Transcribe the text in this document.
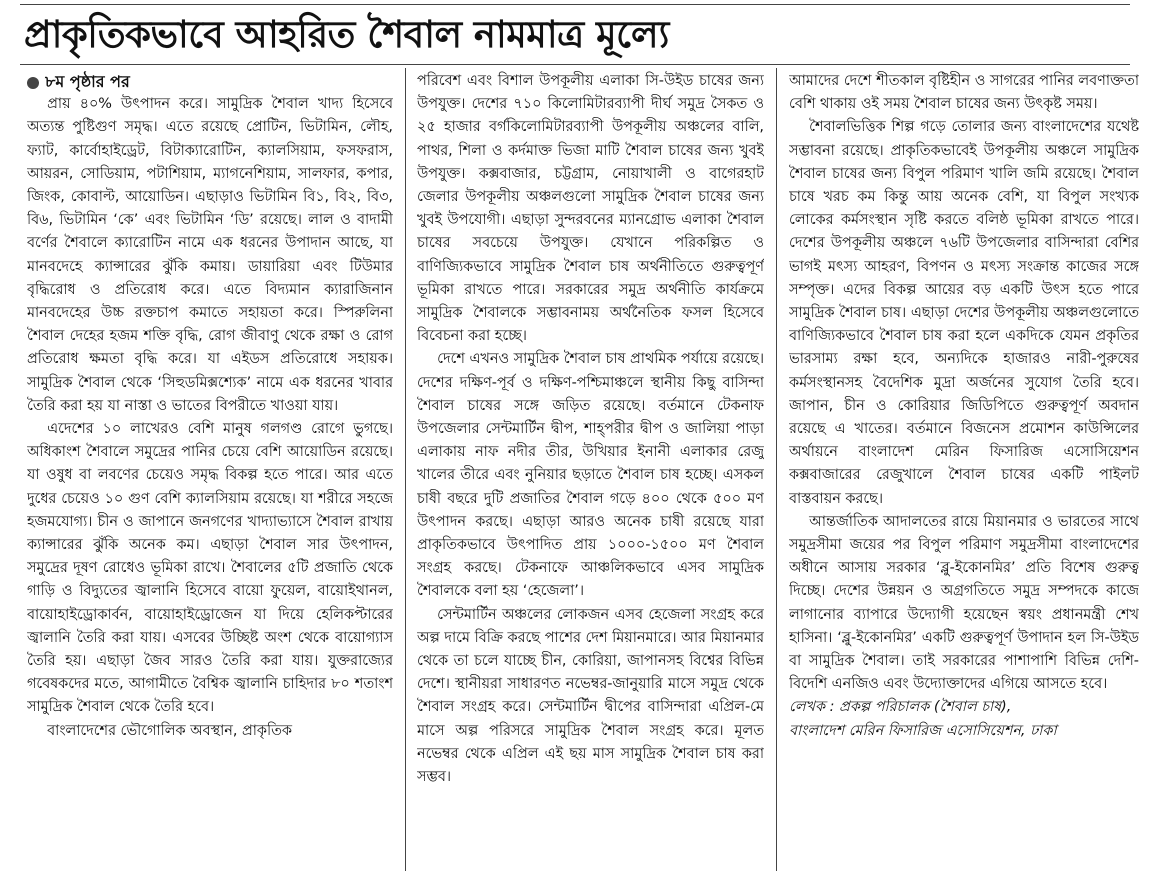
প্রাকৃতিকভাবে আহরিত শৈবাল নামমাত্র মূল্যে
৮ম পৃষ্ঠার পর

প্রায় ৪০% উৎপাদন করে। সামুদ্রিক শৈবাল খাদ্য হিসেবে অত্যন্ত পুষ্টিগুণ সমৃদ্ধ। এতে রয়েছে প্রোটিন, ভিটামিন, লৌহ, ফ্যাট, কার্বোহাইড্রেট, বিটাক্যারোটিন, ক্যালসিয়াম, ফসফরাস, আয়রন, সোডিয়াম, পটাশিয়াম, ম্যাগনেশিয়াম, সালফার, কপার, জিংক, কোবাল্ট, আয়োডিন। এছাড়াও ভিটামিন বি১, বি২, বি৩, বি৬, ভিটামিন ‘কে’ এবং ভিটামিন ‘ডি’ রয়েছে। লাল ও বাদামী বর্ণের শৈবালে ক্যারোটিন নামে এক ধরনের উপাদান আছে, যা মানবদেহে ক্যান্সারের ঝুঁকি কমায়। ডায়ারিয়া এবং টিউমার বৃদ্ধিরোধ ও প্রতিরোধ করে। এতে বিদ্যমান ক্যারাজিনান মানবদেহের উচ্চ রক্তচাপ কমাতে সহায়তা করে। স্পিরুলিনা শৈবাল দেহের হজম শক্তি বৃদ্ধি, রোগ জীবাণু থেকে রক্ষা ও রোগ প্রতিরোধ ক্ষমতা বৃদ্ধি করে। যা এইডস প্রতিরোধে সহায়ক। সামুদ্রিক শৈবাল থেকে ‘সিহুডমিক্সশ্যেক’ নামে এক ধরনের খাবার তৈরি করা হয় যা নাস্তা ও ভাতের বিপরীতে খাওয়া যায়।

এদেশের ১০ লাখেরও বেশি মানুষ গলগণ্ড রোগে ভুগছে। অধিকাংশ শৈবালে সমুদ্রের পানির চেয়ে বেশি আয়োডিন রয়েছে। যা ওষুধ বা লবণের চেয়েও সমৃদ্ধ বিকল্প হতে পারে। আর এতে দুধের চেয়েও ১০ গুণ বেশি ক্যালসিয়াম রয়েছে। যা শরীরে সহজে হজমযোগ্য। চীন ও জাপানে জনগণের খাদ্যাভ্যাসে শৈবাল রাখায় ক্যান্সারের ঝুঁকি অনেক কম। এছাড়া শৈবাল সার উৎপাদন, সমুদ্রের দূষণ রোধেও ভূমিকা রাখে। শৈবালের ৫টি প্রজাতি থেকে গাড়ি ও বিদ্যুতের জ্বালানি হিসেবে বায়ো ফুয়েল, বায়োইথানল, বায়োহাইড্রোকার্বন, বায়োহাইড্রোজেন যা দিয়ে হেলিকপ্টারের জ্বালানি তৈরি করা যায়। এসবের উচ্ছিষ্ট অংশ থেকে বায়োগ্যাস তৈরি হয়। এছাড়া জৈব সারও তৈরি করা যায়। যুক্তরাজ্যের গবেষকদের মতে, আগামীতে বৈশ্বিক জ্বালানি চাহিদার ৮০ শতাংশ সামুদ্রিক শৈবাল থেকে তৈরি হবে।

বাংলাদেশের ভৌগোলিক অবস্থান, প্রাকৃতিক

পরিবেশ এবং বিশাল উপকূলীয় এলাকা সি-উইড চাষের জন্য উপযুক্ত। দেশের ৭১০ কিলোমিটারব্যাপী দীর্ঘ সমুদ্র সৈকত ও ২৫ হাজার বর্গকিলোমিটারব্যাপী উপকূলীয় অঞ্চলের বালি, পাথর, শিলা ও কর্দমাক্ত ভিজা মাটি শৈবাল চাষের জন্য খুবই উপযুক্ত। কক্সবাজার, চট্টগ্রাম, নোয়াখালী ও বাগেরহাট জেলার উপকূলীয় অঞ্চলগুলো সামুদ্রিক শৈবাল চাষের জন্য খুবই উপযোগী। এছাড়া সুন্দরবনের ম্যানগ্রোভ এলাকা শৈবাল চাষের সবচেয়ে উপযুক্ত। যেখানে পরিকল্পিত ও বাণিজ্যিকভাবে সামুদ্রিক শৈবাল চাষ অর্থনীতিতে গুরুত্বপূর্ণ ভূমিকা রাখতে পারে। সরকারের সমুদ্র অর্থনীতি কার্যক্রমে সামুদ্রিক শৈবালকে সম্ভাবনাময় অর্থনৈতিক ফসল হিসেবে বিবেচনা করা হচ্ছে।

দেশে এখনও সামুদ্রিক শৈবাল চাষ প্রাথমিক পর্যায়ে রয়েছে। দেশের দক্ষিণ-পূর্ব ও দক্ষিণ-পশ্চিমাঞ্চলে স্থানীয় কিছু বাসিন্দা শৈবাল চাষের সঙ্গে জড়িত রয়েছে। বর্তমানে টেকনাফ উপজেলার সেন্টমার্টিন দ্বীপ, শাহ্‌পরীর দ্বীপ ও জালিয়া পাড়া এলাকায় নাফ নদীর তীর, উখিয়ার ইনানী এলাকার রেজু খালের তীরে এবং নুনিয়ার ছড়াতে শৈবাল চাষ হচ্ছে। এসকল চাষী বছরে দুটি প্রজাতির শৈবাল গড়ে ৪০০ থেকে ৫০০ মণ উৎপাদন করছে। এছাড়া আরও অনেক চাষী রয়েছে যারা প্রাকৃতিকভাবে উৎপাদিত প্রায় ১০০০-১৫০০ মণ শৈবাল সংগ্রহ করছে। টেকনাফে আঞ্চলিকভাবে এসব সামুদ্রিক শৈবালকে বলা হয় ‘হেজেলা’।

সেন্টমার্টিন অঞ্চলের লোকজন এসব হেজেলা সংগ্রহ করে অল্প দামে বিক্রি করছে পাশের দেশ মিয়ানমারে। আর মিয়ানমার থেকে তা চলে যাচ্ছে চীন, কোরিয়া, জাপানসহ বিশ্বের বিভিন্ন দেশে। স্থানীয়রা সাধারণত নভেম্বর-জানুয়ারি মাসে সমুদ্র থেকে শৈবাল সংগ্রহ করে। সেন্টমার্টিন দ্বীপের বাসিন্দারা এপ্রিল-মে মাসে অল্প পরিসরে সামুদ্রিক শৈবাল সংগ্রহ করে। মূলত নভেম্বর থেকে এপ্রিল এই ছয় মাস সামুদ্রিক শৈবাল চাষ করা সম্ভব।

আমাদের দেশে শীতকাল বৃষ্টিহীন ও সাগরের পানির লবণাক্ততা বেশি থাকায় ওই সময় শৈবাল চাষের জন্য উৎকৃষ্ট সময়।

শৈবালভিত্তিক শিল্প গড়ে তোলার জন্য বাংলাদেশের যথেষ্ট সম্ভাবনা রয়েছে। প্রাকৃতিকভাবেই উপকূলীয় অঞ্চলে সামুদ্রিক শৈবাল চাষের জন্য বিপুল পরিমাণ খালি জমি রয়েছে। শৈবাল চাষে খরচ কম কিন্তু আয় অনেক বেশি, যা বিপুল সংখ্যক লোকের কর্মসংস্থান সৃষ্টি করতে বলিষ্ঠ ভূমিকা রাখতে পারে। দেশের উপকূলীয় অঞ্চলে ৭৬টি উপজেলার বাসিন্দারা বেশির ভাগই মৎস্য আহরণ, বিপণন ও মৎস্য সংক্রান্ত কাজের সঙ্গে সম্পৃক্ত। এদের বিকল্প আয়ের বড় একটি উৎস হতে পারে সামুদ্রিক শৈবাল চাষ। এছাড়া দেশের উপকূলীয় অঞ্চলগুলোতে বাণিজ্যিকভাবে শৈবাল চাষ করা হলে একদিকে যেমন প্রকৃতির ভারসাম্য রক্ষা হবে, অন্যদিকে হাজারও নারী-পুরুষের কর্মসংস্থানসহ বৈদেশিক মুদ্রা অর্জনের সুযোগ তৈরি হবে। জাপান, চীন ও কোরিয়ার জিডিপিতে গুরুত্বপূর্ণ অবদান রয়েছে এ খাতের। বর্তমানে বিজনেস প্রমোশন কাউন্সিলের অর্থায়নে বাংলাদেশ মেরিন ফিসারিজ এসোসিয়েশন কক্সবাজারের রেজুখালে শৈবাল চাষের একটি পাইলট বাস্তবায়ন করছে।

আন্তর্জাতিক আদালতের রায়ে মিয়ানমার ও ভারতের সাথে সমুদ্রসীমা জয়ের পর বিপুল পরিমাণ সমুদ্রসীমা বাংলাদেশের অধীনে আসায় সরকার ‘ব্লু-ইকোনমির’ প্রতি বিশেষ গুরুত্ব দিচ্ছে। দেশের উন্নয়ন ও অগ্রগতিতে সমুদ্র সম্পদকে কাজে লাগানোর ব্যাপারে উদ্যোগী হয়েছেন স্বয়ং প্রধানমন্ত্রী শেখ হাসিনা। ‘ব্লু-ইকোনমির’ একটি গুরুত্বপূর্ণ উপাদান হল সি-উইড বা সামুদ্রিক শৈবাল। তাই সরকারের পাশাপাশি বিভিন্ন দেশি-বিদেশি এনজিও এবং উদ্যোক্তাদের এগিয়ে আসতে হবে।

লেখক : প্রকল্প পরিচালক (শৈবাল চাষ),
বাংলাদেশ মেরিন ফিসারিজ এসোসিয়েশন, ঢাকা
